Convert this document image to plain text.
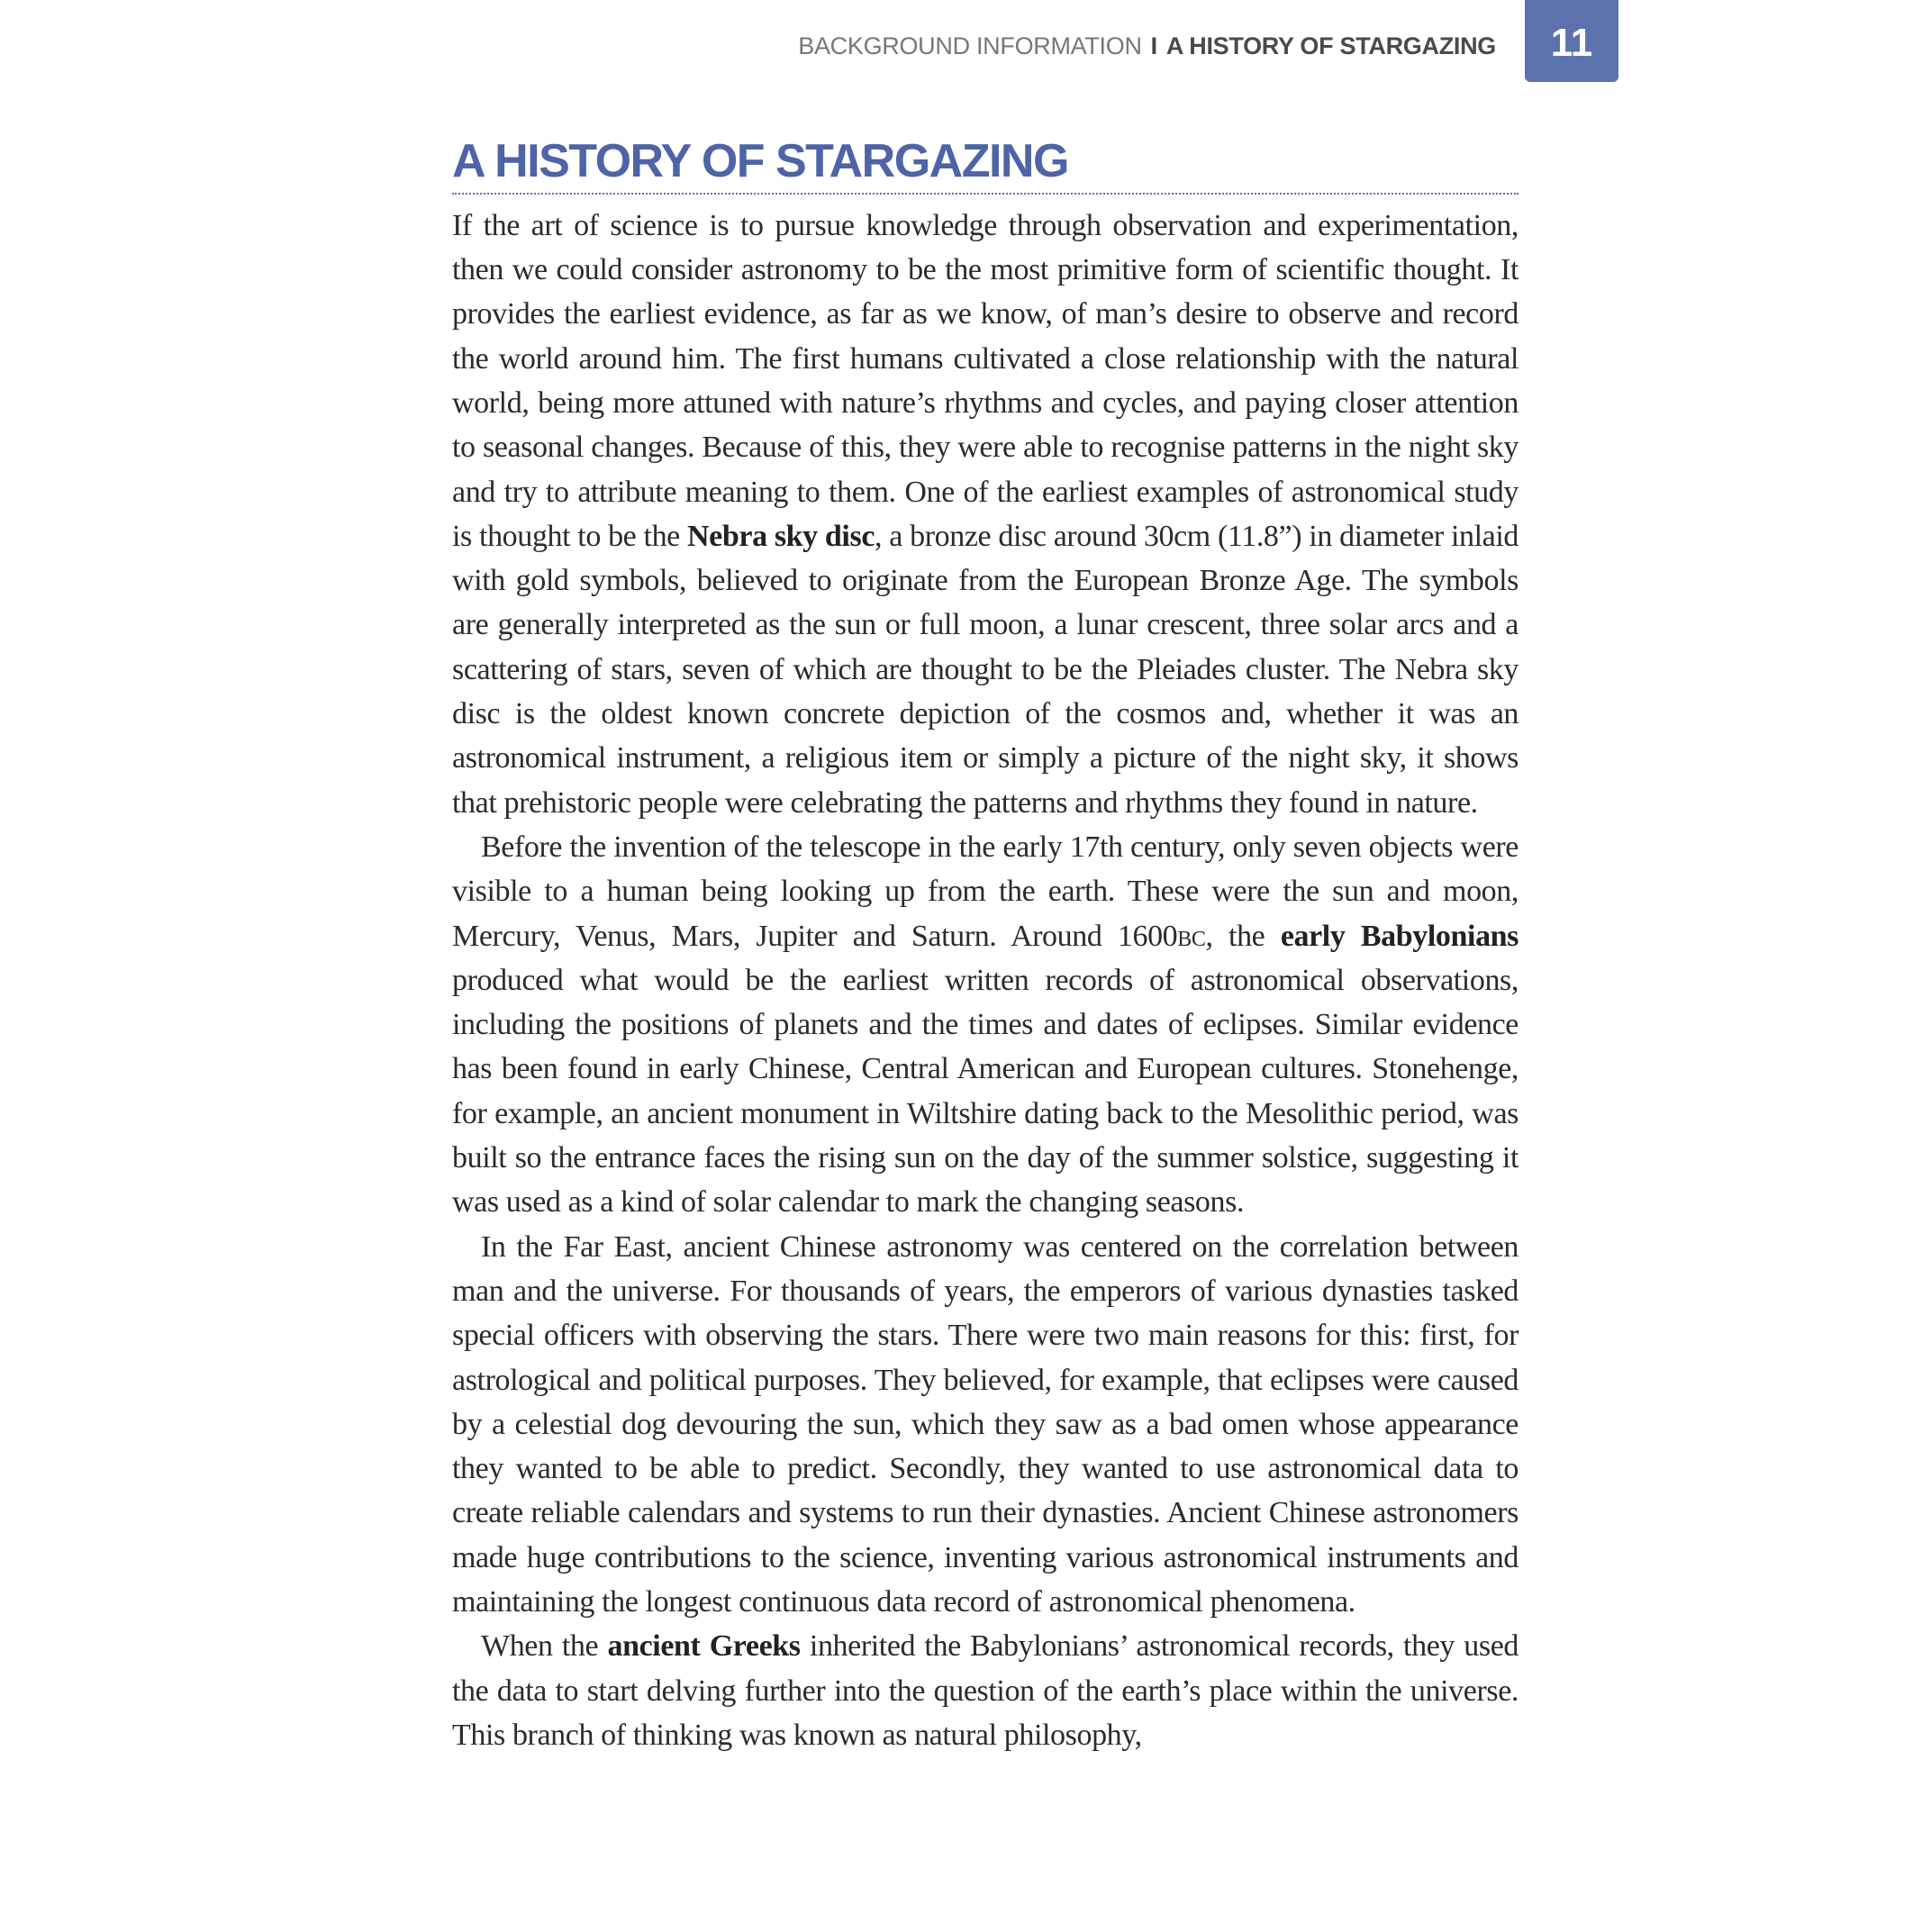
BACKGROUND INFORMATION I A HISTORY OF STARGAZING 11
A HISTORY OF STARGAZING

If the art of science is to pursue knowledge through observation and experimentation, then we could consider astronomy to be the most primitive form of scientific thought. It provides the earliest evidence, as far as we know, of man’s desire to observe and record the world around him. The first humans cultivated a close relationship with the natural world, being more attuned with nature’s rhythms and cycles, and paying closer attention to seasonal changes. Because of this, they were able to recognise patterns in the night sky and try to attribute meaning to them. One of the earliest examples of astronomical study is thought to be the Nebra sky disc, a bronze disc around 30cm (11.8”) in diameter inlaid with gold symbols, believed to originate from the European Bronze Age. The symbols are generally interpreted as the sun or full moon, a lunar crescent, three solar arcs and a scattering of stars, seven of which are thought to be the Pleiades cluster. The Nebra sky disc is the oldest known concrete depiction of the cosmos and, whether it was an astronomical instrument, a religious item or simply a picture of the night sky, it shows that prehistoric people were celebrating the patterns and rhythms they found in nature.

Before the invention of the telescope in the early 17th century, only seven objects were visible to a human being looking up from the earth. These were the sun and moon, Mercury, Venus, Mars, Jupiter and Saturn. Around 1600bc, the early Babylonians produced what would be the earliest written records of astronomical observations, including the positions of planets and the times and dates of eclipses. Similar evidence has been found in early Chinese, Central American and European cultures. Stonehenge, for example, an ancient monument in Wiltshire dating back to the Mesolithic period, was built so the entrance faces the rising sun on the day of the summer solstice, suggesting it was used as a kind of solar calendar to mark the changing seasons.

In the Far East, ancient Chinese astronomy was centered on the correlation between man and the universe. For thousands of years, the emperors of various dynasties tasked special officers with observing the stars. There were two main reasons for this: first, for astrological and political purposes. They believed, for example, that eclipses were caused by a celestial dog devouring the sun, which they saw as a bad omen whose appearance they wanted to be able to predict. Secondly, they wanted to use astronomical data to create reliable calendars and systems to run their dynasties. Ancient Chinese astronomers made huge contributions to the science, inventing various astronomical instruments and maintaining the longest continuous data record of astronomical phenomena.

When the ancient Greeks inherited the Babylonians’ astronomical records, they used the data to start delving further into the question of the earth’s place within the universe. This branch of thinking was known as natural philosophy,
